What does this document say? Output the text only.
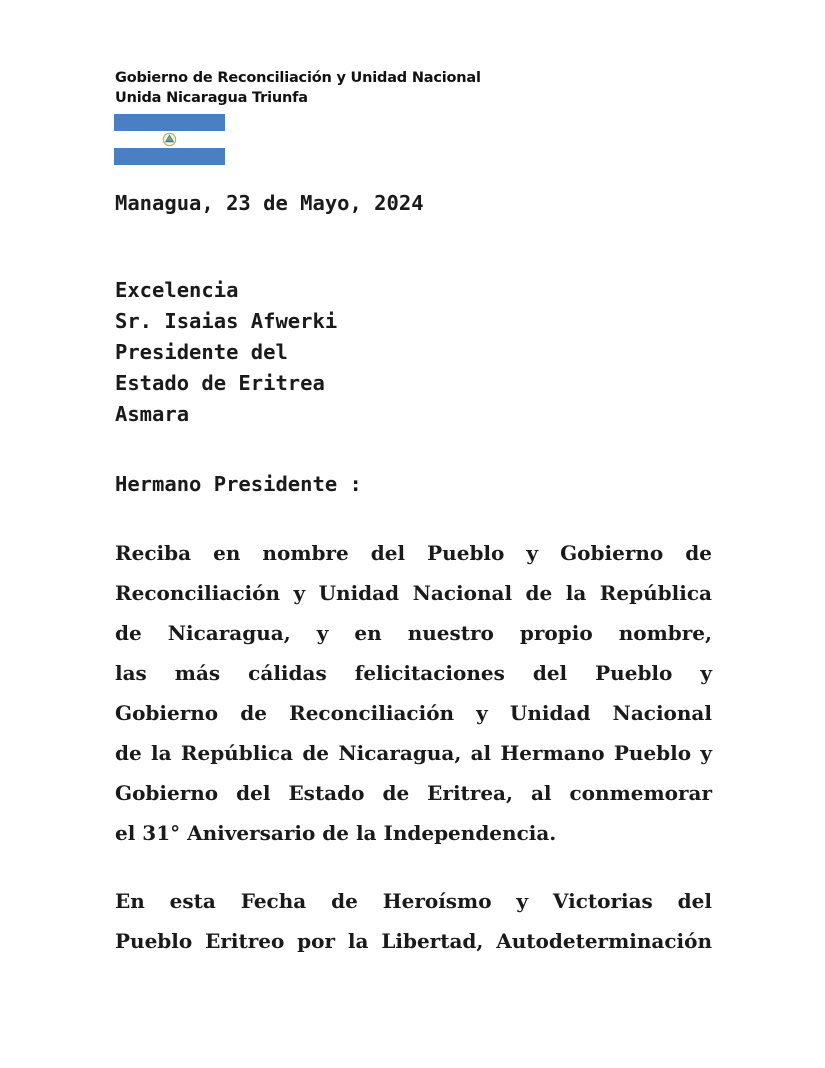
Gobierno de Reconciliación y Unidad Nacional
Unida Nicaragua Triunfa
Managua, 23 de Mayo, 2024
Excelencia
Sr. Isaias Afwerki
Presidente del
Estado de Eritrea
Asmara
Hermano Presidente :
Reciba en nombre del Pueblo y Gobierno de
Reconciliación y Unidad Nacional de la República
de Nicaragua, y en nuestro propio nombre,
las más cálidas felicitaciones del Pueblo y
Gobierno de Reconciliación y Unidad Nacional
de la República de Nicaragua, al Hermano Pueblo y
Gobierno del Estado de Eritrea, al conmemorar
el 31° Aniversario de la Independencia.
En esta Fecha de Heroísmo y Victorias del
Pueblo Eritreo por la Libertad, Autodeterminación
